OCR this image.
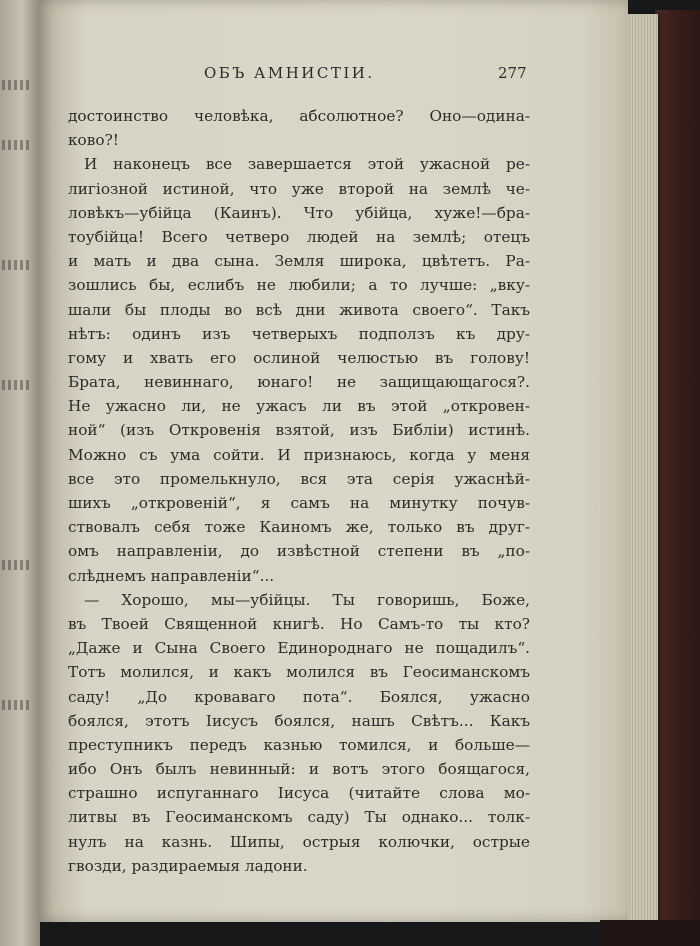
ОБЪ АМНИСТІИ.	277
достоинство человѣка, абсолютное? Оно—одина-
ково?!
И наконецъ все завершается этой ужасной ре-
лигіозной истиной, что уже второй на землѣ че-
ловѣкъ—убійца (Каинъ). Что убійца, хуже!—бра-
тоубійца! Всего четверо людей на землѣ; отецъ
и мать и два сына. Земля широка, цвѣтетъ. Ра-
зошлись бы, еслибъ не любили; а то лучше: „вку-
шали бы плоды во всѣ дни живота своего“. Такъ
нѣтъ: одинъ изъ четверыхъ подползъ къ дру-
гому и хвать его ослиной челюстью въ голову!
Брата, невиннаго, юнаго! не защищающагося?.
Не ужасно ли, не ужасъ ли въ этой „откровен-
ной“ (изъ Откровенія взятой, изъ Библіи) истинѣ.
Можно съ ума сойти. И признаюсь, когда у меня
все это промелькнуло, вся эта серія ужаснѣй-
шихъ „откровеній“, я самъ на минутку почув-
ствовалъ себя тоже Каиномъ же, только въ друг-
омъ направленіи, до извѣстной степени въ „по-
слѣднемъ направленіи“...
— Хорошо, мы—убійцы. Ты говоришь, Боже,
въ Твоей Священной книгѣ. Но Самъ-то ты кто?
„Даже и Сына Своего Единороднаго не пощадилъ“.
Тотъ молился, и какъ молился въ Геосиманскомъ
саду! „До кроваваго пота“. Боялся, ужасно
боялся, этотъ Іисусъ боялся, нашъ Свѣтъ... Какъ
преступникъ передъ казнью томился, и больше—
ибо Онъ былъ невинный: и вотъ этого боящагося,
страшно испуганнаго Іисуса (читайте слова мо-
литвы въ Геосиманскомъ саду) Ты однако... толк-
нулъ на казнь. Шипы, острыя колючки, острые
гвозди, раздираемыя ладони.
